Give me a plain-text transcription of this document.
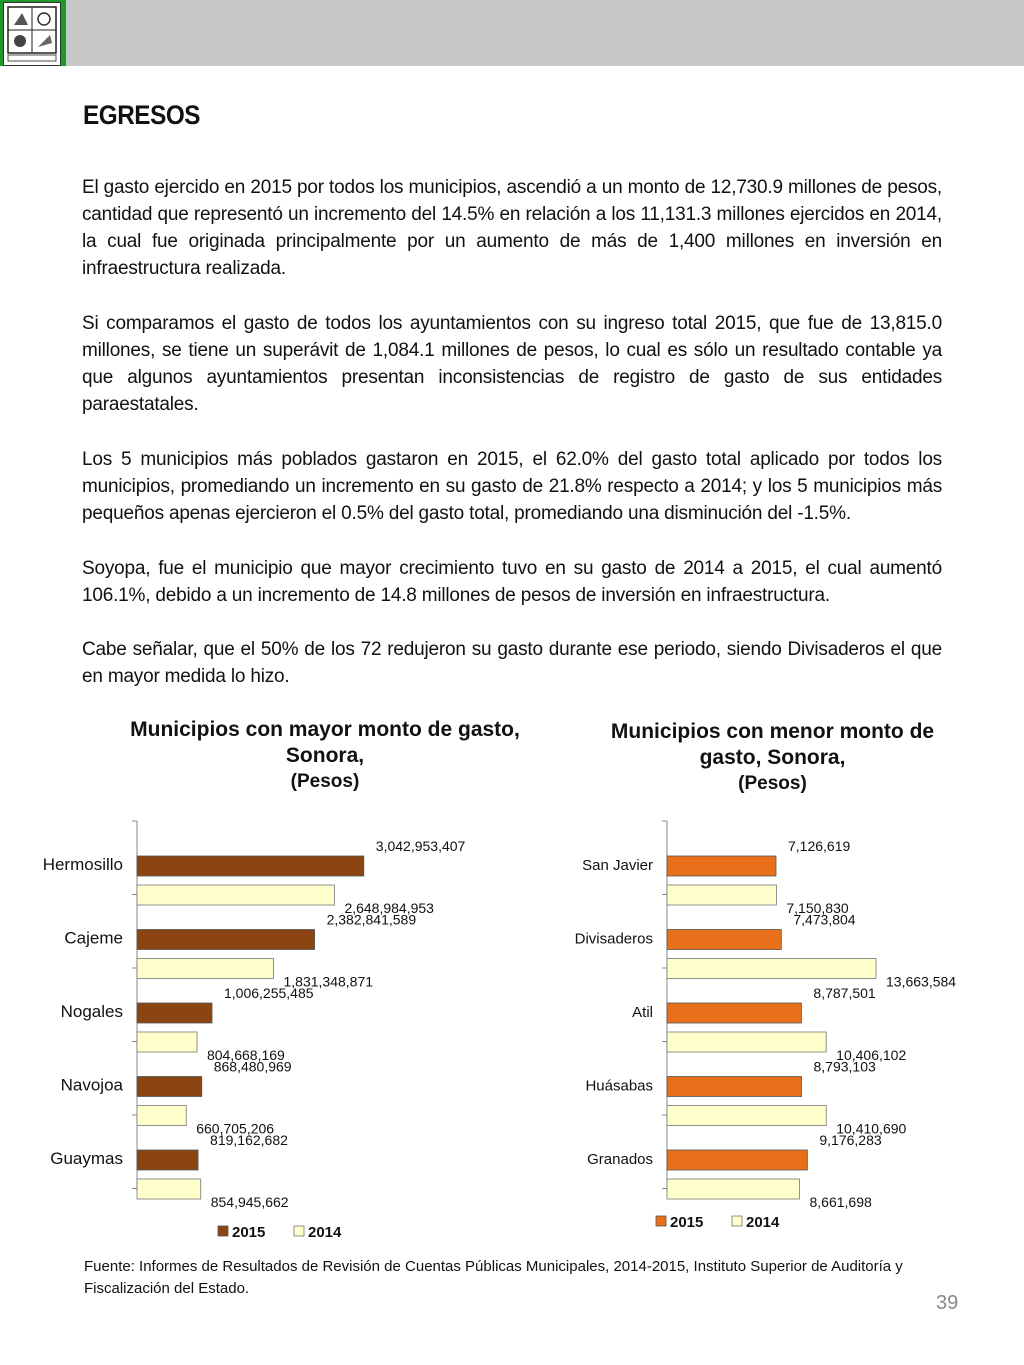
EGRESOS

El gasto ejercido en 2015 por todos los municipios, ascendió a un monto de 12,730.9 millones de pesos, cantidad que representó un incremento del 14.5% en relación a los 11,131.3 millones ejercidos en 2014, la cual fue originada principalmente por un aumento de más de 1,400 millones en inversión en infraestructura realizada.

Si comparamos el gasto de todos los ayuntamientos con su ingreso total 2015, que fue de 13,815.0 millones, se tiene un superávit de 1,084.1 millones de pesos, lo cual es sólo un resultado contable ya que algunos ayuntamientos presentan inconsistencias de registro de gasto de sus entidades paraestatales.

Los 5 municipios más poblados gastaron en 2015, el 62.0% del gasto total aplicado por todos los municipios, promediando un incremento en su gasto de 21.8% respecto a 2014; y los 5 municipios más pequeños apenas ejercieron el 0.5% del gasto total, promediando una disminución del -1.5%.

Soyopa, fue el municipio que mayor crecimiento tuvo en su gasto de 2014 a 2015, el cual aumentó 106.1%, debido a un incremento de 14.8 millones de pesos de inversión en infraestructura.

Cabe señalar, que el 50% de los 72 redujeron su gasto durante ese periodo, siendo Divisaderos el que en mayor medida lo hizo.

Municipios con mayor monto de gasto, Sonora,
(Pesos)
Municipios con menor monto de gasto, Sonora,
(Pesos)
3,042,953,407
2,648,984,953
Hermosillo
2,382,841,589
1,831,348,871
Cajeme
1,006,255,485
804,668,169
Nogales
868,480,969
660,705,206
Navojoa
819,162,682
854,945,662
Guaymas
2015	2014
7,126,619
7,150,830
San Javier
7,473,804
13,663,584
Divisaderos
8,787,501
10,406,102
Atil
8,793,103
10,410,690
Huásabas
9,176,283
8,661,698
Granados
2015	2014
Fuente: Informes de Resultados de Revisión de Cuentas Públicas Municipales, 2014-2015, Instituto Superior de Auditoría y Fiscalización del Estado.
39
